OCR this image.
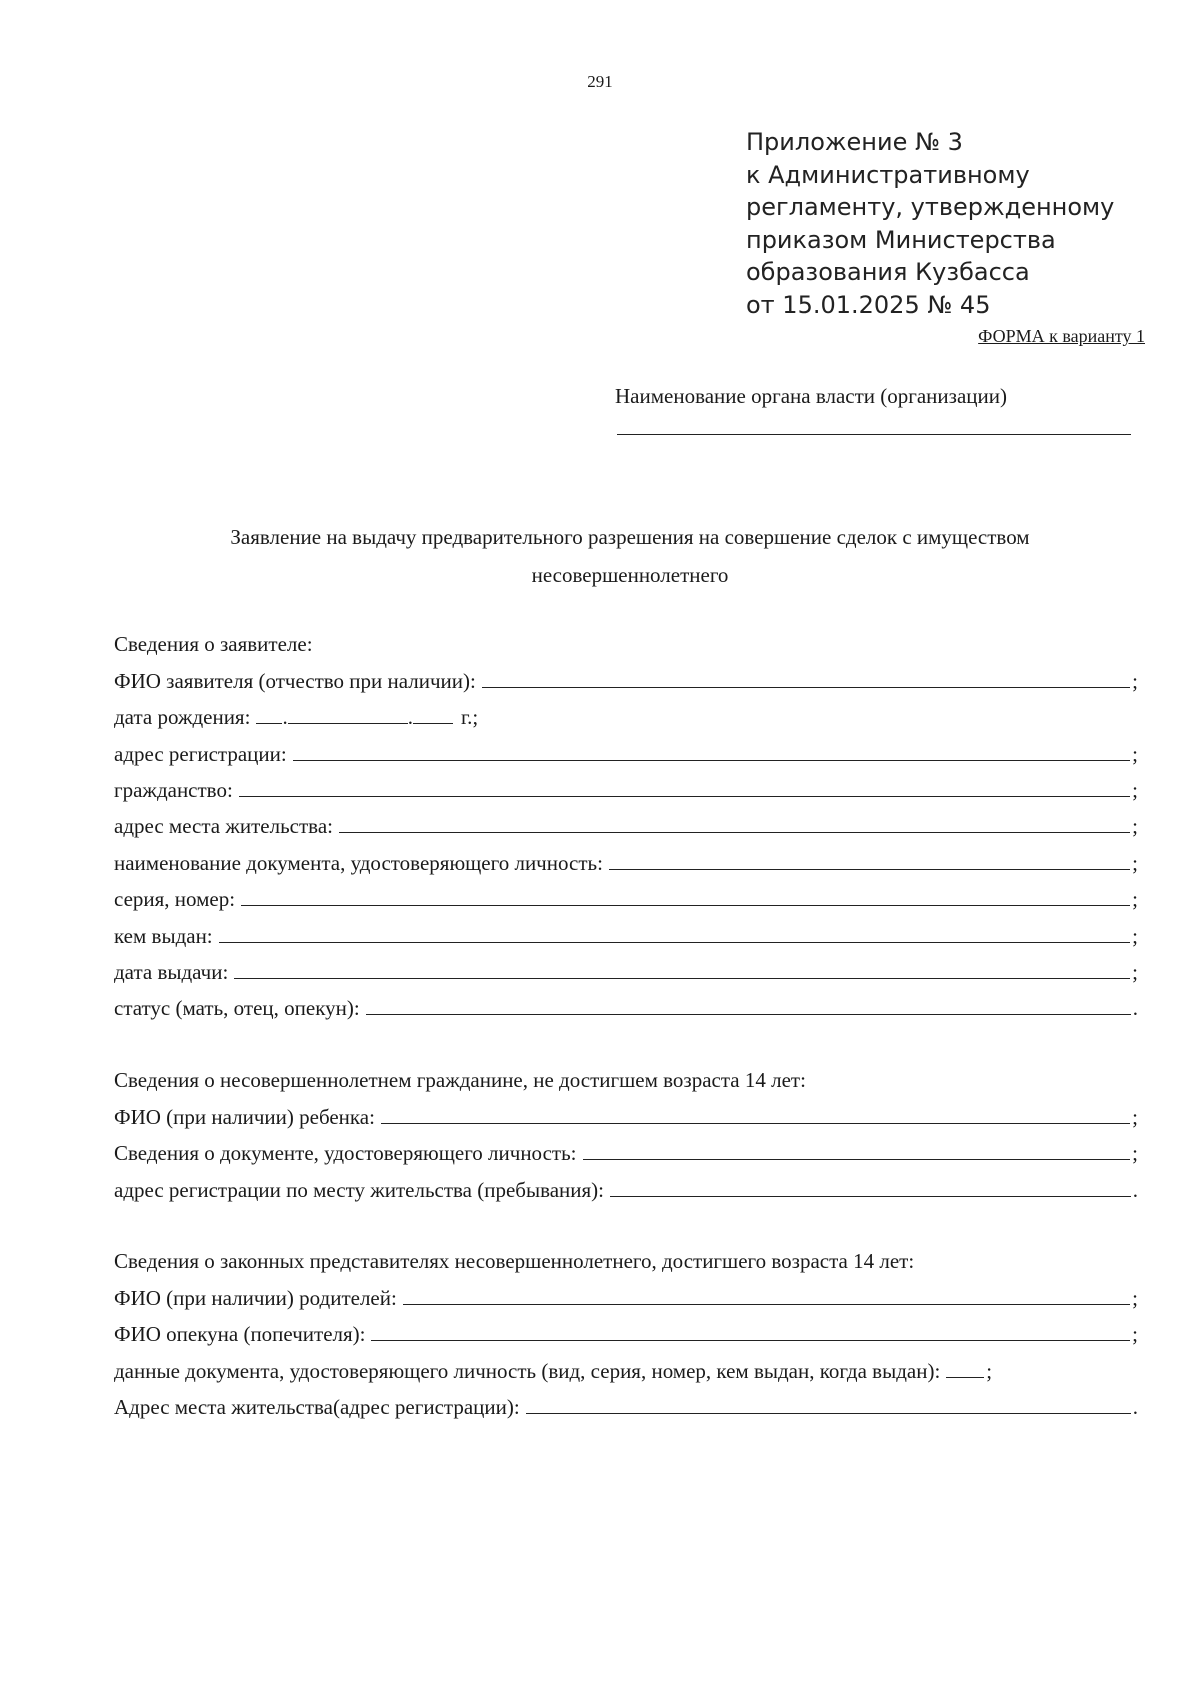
291
Приложение № 3
к Административному
регламенту, утвержденному
приказом Министерства
образования Кузбасса
от 15.01.2025 № 45
ФОРМА к варианту 1
Наименование органа власти (организации)
Заявление на выдачу предварительного разрешения на совершение сделок с имуществом
несовершеннолетнего
Сведения о заявителе:
ФИО заявителя (отчество при наличии):	;
дата рождения: .	. г.;
адрес регистрации:	;
гражданство:	;
адрес места жительства:	;
наименование документа, удостоверяющего личность:	;
серия, номер:	;
кем выдан:	;
дата выдачи:	;
статус (мать, отец, опекун):	.
Сведения о несовершеннолетнем гражданине, не достигшем возраста 14 лет:
ФИО (при наличии) ребенка:	;
Сведения о документе, удостоверяющего личность:	;
адрес регистрации по месту жительства (пребывания):	.
Сведения о законных представителях несовершеннолетнего, достигшего возраста 14 лет:
ФИО (при наличии) родителей:	;
ФИО опекуна (попечителя):	;
данные документа, удостоверяющего личность (вид, серия, номер, кем выдан, когда выдан): ;
Адрес места жительства(адрес регистрации):	.
